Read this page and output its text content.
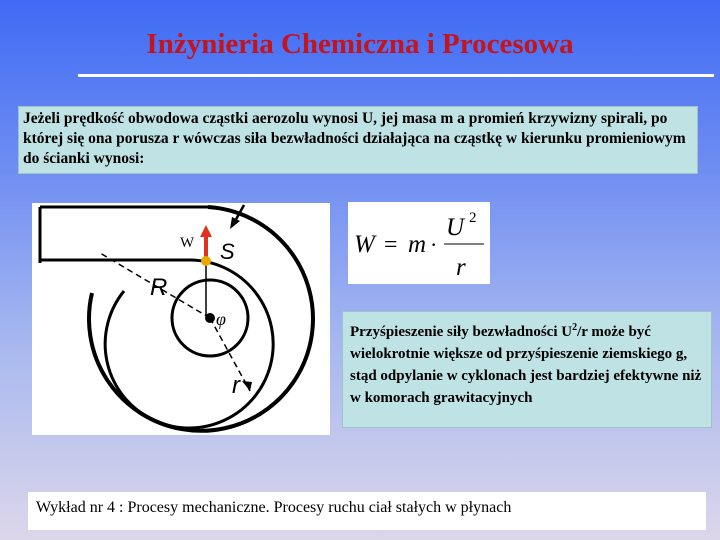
Inżynieria Chemiczna i Procesowa
Jeżeli prędkość obwodowa cząstki aerozolu wynosi U, jej masa m a promień krzywizny spirali, po której się ona porusza r wówczas siła bezwładności działająca na cząstkę w kierunku promieniowym do ścianki wynosi:
W S
R
r
φ
W = m ·
U 2
r
Przyśpieszenie siły bezwładności $U^2/r$ może być wielokrotnie większe od przyśpieszenie ziemskiego g, stąd odpylanie w cyklonach jest bardziej efektywne niż w komorach grawitacyjnych
Wykład nr 4 : Procesy mechaniczne. Procesy ruchu ciał stałych w płynach
